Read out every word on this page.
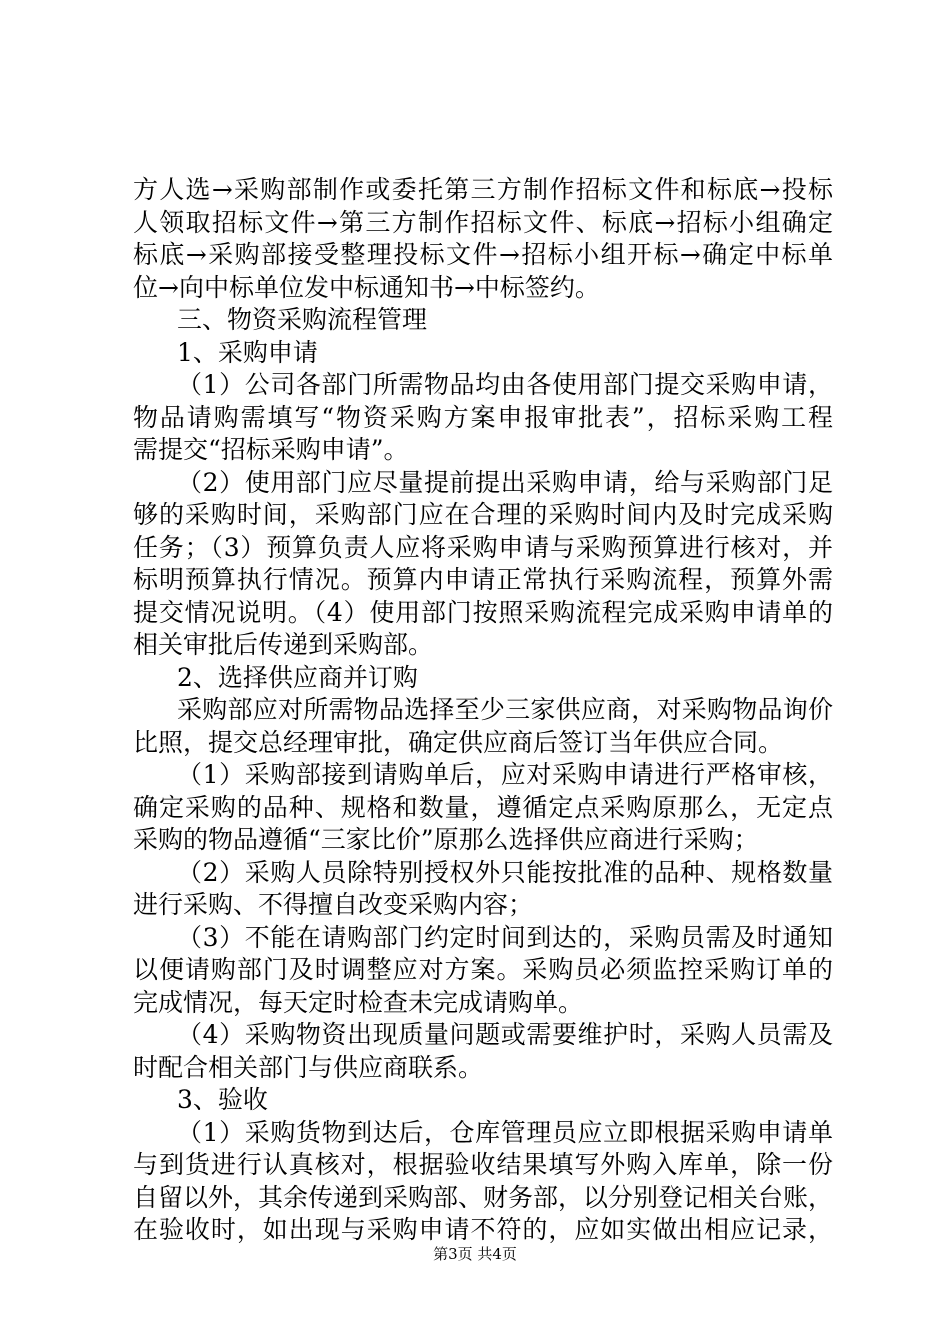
方人选→采购部制作或委托第三方制作招标文件和标底→投标
人领取招标文件→第三方制作招标文件、标底→招标小组确定
标底→采购部接受整理投标文件→招标小组开标→确定中标单
位→向中标单位发中标通知书→中标签约。
三、物资采购流程管理
1、采购申请
（1）公司各部门所需物品均由各使用部门提交采购申请，
物品请购需填写“物资采购方案申报审批表”，招标采购工程
需提交“招标采购申请”。
（2）使用部门应尽量提前提出采购申请，给与采购部门足
够的采购时间，采购部门应在合理的采购时间内及时完成采购
任务；（3）预算负责人应将采购申请与采购预算进行核对，并
标明预算执行情况。预算内申请正常执行采购流程，预算外需
提交情况说明。（4）使用部门按照采购流程完成采购申请单的
相关审批后传递到采购部。
2、选择供应商并订购
采购部应对所需物品选择至少三家供应商，对采购物品询价
比照，提交总经理审批，确定供应商后签订当年供应合同。
（1）采购部接到请购单后，应对采购申请进行严格审核，
确定采购的品种、规格和数量，遵循定点采购原那么，无定点
采购的物品遵循“三家比价”原那么选择供应商进行采购；
（2）采购人员除特别授权外只能按批准的品种、规格数量
进行采购、不得擅自改变采购内容；
（3）不能在请购部门约定时间到达的，采购员需及时通知
以便请购部门及时调整应对方案。采购员必须监控采购订单的
完成情况，每天定时检查未完成请购单。
（4）采购物资出现质量问题或需要维护时，采购人员需及
时配合相关部门与供应商联系。
3、验收
（1）采购货物到达后，仓库管理员应立即根据采购申请单
与到货进行认真核对，根据验收结果填写外购入库单，除一份
自留以外，其余传递到采购部、财务部，以分别登记相关台账，
在验收时，如出现与采购申请不符的，应如实做出相应记录，
第3页 共4页
